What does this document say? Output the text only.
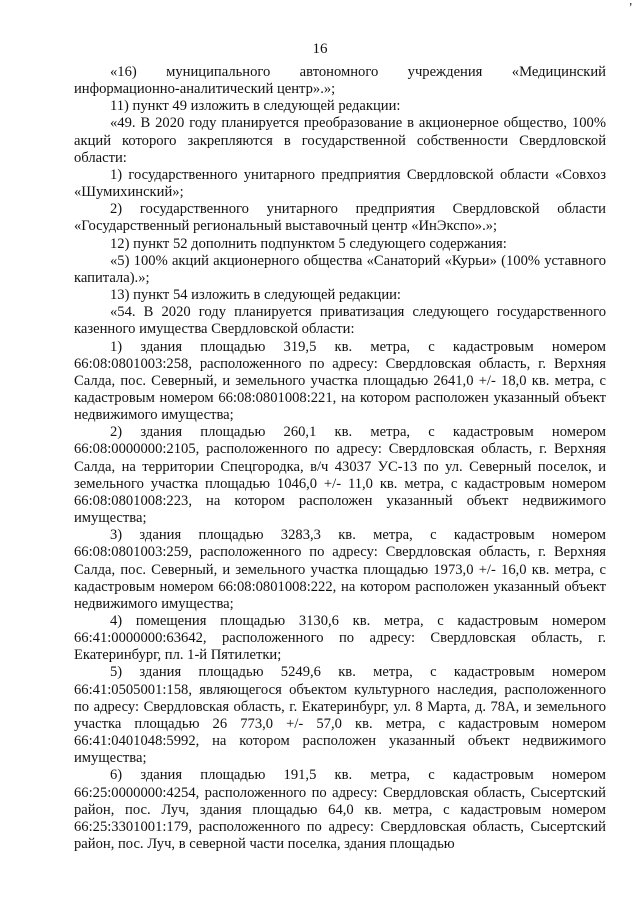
'
16

«16) муниципального автономного учреждения «Медицинский информационно-аналитический центр».»;

11) пункт 49 изложить в следующей редакции:

«49. В 2020 году планируется преобразование в акционерное общество, 100% акций которого закрепляются в государственной собственности Свердловской области:

1) государственного унитарного предприятия Свердловской области «Совхоз «Шумихинский»;

2) государственного унитарного предприятия Свердловской области «Государственный региональный выставочный центр «ИнЭкспо».»;

12) пункт 52 дополнить подпунктом 5 следующего содержания:

«5) 100% акций акционерного общества «Санаторий «Курьи» (100% уставного капитала).»;

13) пункт 54 изложить в следующей редакции:

«54. В 2020 году планируется приватизация следующего государственного казенного имущества Свердловской области:

1) здания площадью 319,5 кв. метра, с кадастровым номером 66:08:0801003:258, расположенного по адресу: Свердловская область, г. Верхняя Салда, пос. Северный, и земельного участка площадью 2641,0 +/- 18,0 кв. метра, с кадастровым номером 66:08:0801008:221, на котором расположен указанный объект недвижимого имущества;

2) здания площадью 260,1 кв. метра, с кадастровым номером 66:08:0000000:2105, расположенного по адресу: Свердловская область, г. Верхняя Салда, на территории Спецгородка, в/ч 43037 УС-13 по ул. Северный поселок, и земельного участка площадью 1046,0 +/- 11,0 кв. метра, с кадастровым номером 66:08:0801008:223, на котором расположен указанный объект недвижимого имущества;

3) здания площадью 3283,3 кв. метра, с кадастровым номером 66:08:0801003:259, расположенного по адресу: Свердловская область, г. Верхняя Салда, пос. Северный, и земельного участка площадью 1973,0 +/- 16,0 кв. метра, с кадастровым номером 66:08:0801008:222, на котором расположен указанный объект недвижимого имущества;

4) помещения площадью 3130,6 кв. метра, с кадастровым номером 66:41:0000000:63642, расположенного по адресу: Свердловская область, г. Екатеринбург, пл. 1-й Пятилетки;

5) здания площадью 5249,6 кв. метра, с кадастровым номером 66:41:0505001:158, являющегося объектом культурного наследия, расположенного по адресу: Свердловская область, г. Екатеринбург, ул. 8 Марта, д. 78А, и земельного участка площадью 26 773,0 +/- 57,0 кв. метра, с кадастровым номером 66:41:0401048:5992, на котором расположен указанный объект недвижимого имущества;

6) здания площадью 191,5 кв. метра, с кадастровым номером 66:25:0000000:4254, расположенного по адресу: Свердловская область, Сысертский район, пос. Луч, здания площадью 64,0 кв. метра, с кадастровым номером 66:25:3301001:179, расположенного по адресу: Свердловская область, Сысертский район, пос. Луч, в северной части поселка, здания площадью
